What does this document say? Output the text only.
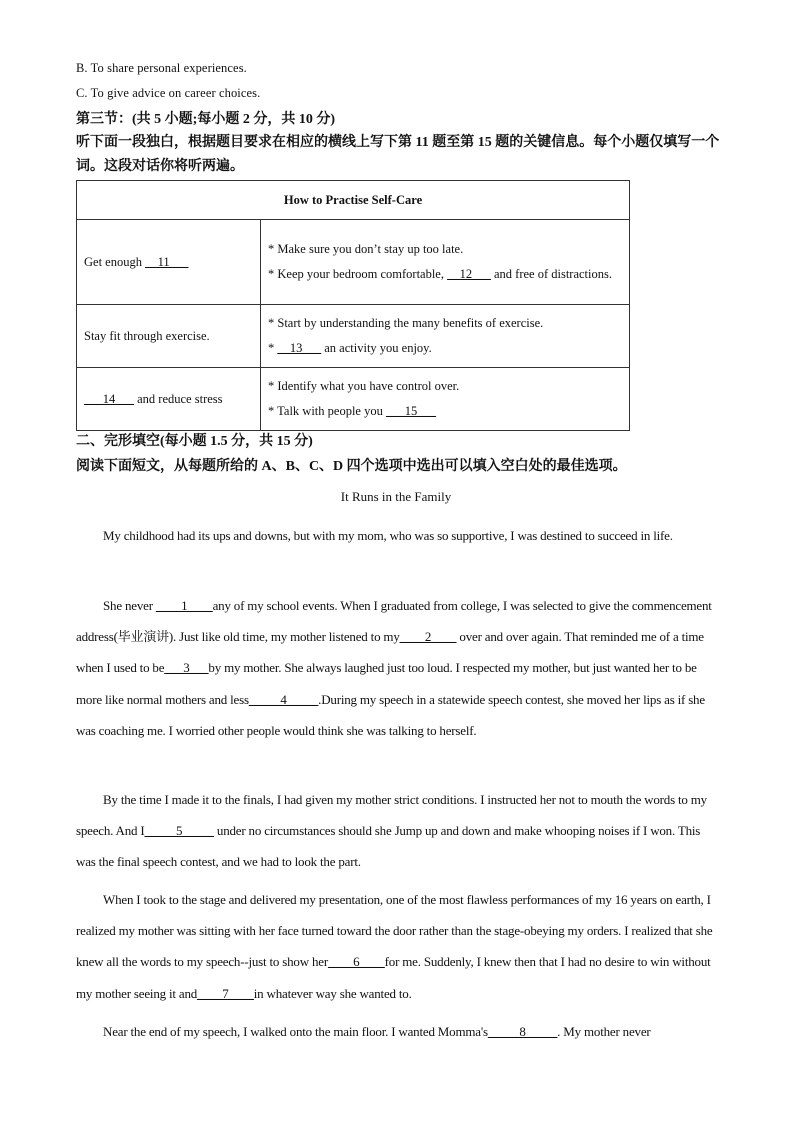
B. To share personal experiences.
C. To give advice on career choices.
第三节：(共 5 小题;每小题 2 分，共 10 分)
听下面一段独白，根据题目要求在相应的横线上写下第 11 题至第 15 题的关键信息。每个小题仅填写一个词。这段对话你将听两遍。
How to Practise Self-Care	
Get enough __11___	* Make sure you don’t stay up too late.
* Keep your bedroom comfortable, __12___ and free of distractions.

Stay fit through exercise.	* Start by understanding the many benefits of exercise.
* __13___ an activity you enjoy.

___14___ and reduce stress	* Identify what you have control over.
* Talk with people you ___15___
二、完形填空(每小题 1.5 分，共 15 分)
阅读下面短文，从每题所给的 A、B、C、D 四个选项中选出可以填入空白处的最佳选项。
It Runs in the Family
My childhood had its ups and downs, but with my mom, who was so supportive, I was destined to succeed in life.
She never ____1____any of my school events. When I graduated from college, I was selected to give the commencement address(毕业演讲). Just like old time, my mother listened to my____2____ over and over again. That reminded me of a time when I used to be___3___by my mother. She always laughed just too loud. I respected my mother, but just wanted her to be more like normal mothers and less_____4_____.During my speech in a statewide speech contest, she moved her lips as if she was coaching me. I worried other people would think she was talking to herself.
By the time I made it to the finals, I had given my mother strict conditions. I instructed her not to mouth the words to my speech. And I_____5_____ under no circumstances should she Jump up and down and make whooping noises if I won. This was the final speech contest, and we had to look the part.
When I took to the stage and delivered my presentation, one of the most flawless performances of my 16 years on earth, I realized my mother was sitting with her face turned toward the door rather than the stage-obeying my orders. I realized that she knew all the words to my speech--just to show her____6____for me. Suddenly, I knew then that I had no desire to win without my mother seeing it and____7____in whatever way she wanted to.
Near the end of my speech, I walked onto the main floor. I wanted Momma's_____8_____. My mother never
